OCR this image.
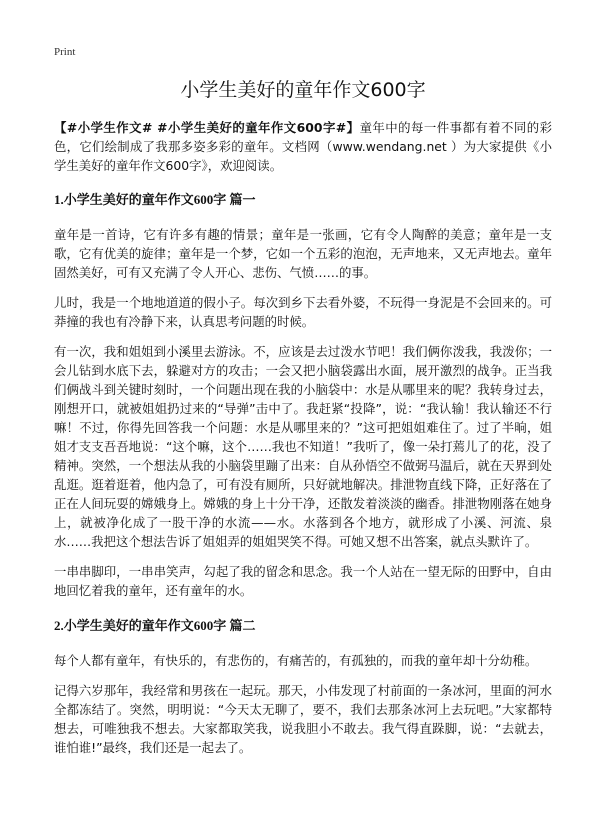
Print
小学生美好的童年作文600字

【#小学生作文# #小学生美好的童年作文600字#】童年中的每一件事都有着不同的彩色，它们绘制成了我那多姿多彩的童年。文档网（www.wendang.net ）为大家提供《小学生美好的童年作文600字》，欢迎阅读。

1.小学生美好的童年作文600字 篇一

童年是一首诗，它有许多有趣的情景；童年是一张画，它有令人陶醉的美意；童年是一支歌，它有优美的旋律；童年是一个梦，它如一个五彩的泡泡，无声地来，又无声地去。童年固然美好，可有又充满了令人开心、悲伤、气愤……的事。

儿时，我是一个地地道道的假小子。每次到乡下去看外婆，不玩得一身泥是不会回来的。可莽撞的我也有冷静下来，认真思考问题的时候。

有一次，我和姐姐到小溪里去游泳。不，应该是去过泼水节吧！我们俩你泼我，我泼你；一会儿钻到水底下去，躲避对方的攻击；一会又把小脑袋露出水面，展开激烈的战争。正当我们俩战斗到关键时刻时，一个问题出现在我的小脑袋中：水是从哪里来的呢？我转身过去，刚想开口，就被姐姐扔过来的“导弹”击中了。我赶紧“投降”，说：“我认输！我认输还不行嘛！不过，你得先回答我一个问题：水是从哪里来的？”这可把姐姐难住了。过了半晌，姐姐才支支吾吾地说：“这个嘛，这个……我也不知道！”我听了，像一朵打蔫儿了的花，没了精神。突然，一个想法从我的小脑袋里蹦了出来：自从孙悟空不做弼马温后，就在天界到处乱逛。逛着逛着，他内急了，可有没有厕所，只好就地解决。排泄物直线下降，正好落在了正在人间玩耍的嫦娥身上。嫦娥的身上十分干净，还散发着淡淡的幽香。排泄物刚落在她身上，就被净化成了一股干净的水流——水。水落到各个地方，就形成了小溪、河流、泉水……我把这个想法告诉了姐姐弄的姐姐哭笑不得。可她又想不出答案，就点头默许了。

一串串脚印，一串串笑声，勾起了我的留念和思念。我一个人站在一望无际的田野中，自由地回忆着我的童年，还有童年的水。

2.小学生美好的童年作文600字 篇二

每个人都有童年，有快乐的，有悲伤的，有痛苦的，有孤独的，而我的童年却十分幼稚。

记得六岁那年，我经常和男孩在一起玩。那天，小伟发现了村前面的一条冰河，里面的河水全都冻结了。突然，明明说：“今天太无聊了，要不，我们去那条冰河上去玩吧。”大家都特想去，可唯独我不想去。大家都取笑我，说我胆小不敢去。我气得直跺脚，说：“去就去，谁怕谁!”最终，我们还是一起去了。
